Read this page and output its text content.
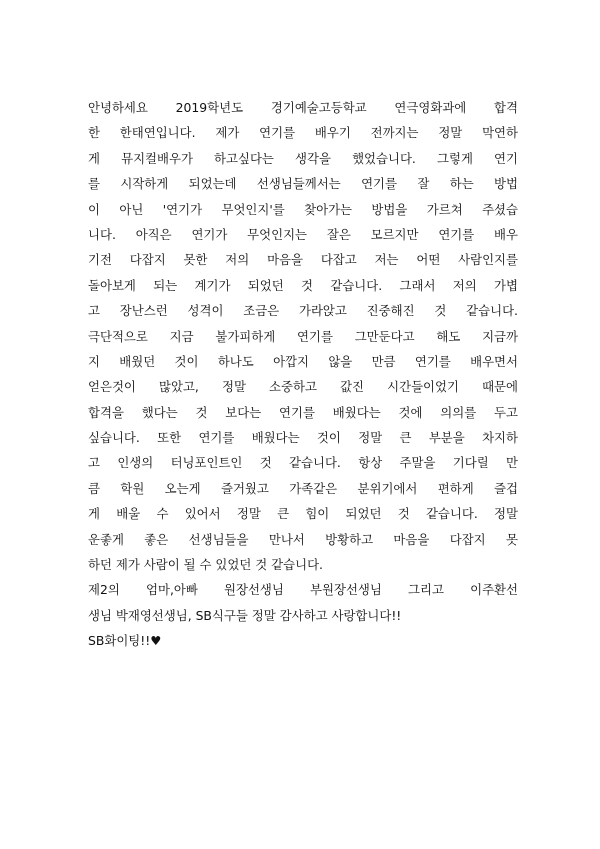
안녕하세요 2019학년도 경기예술고등학교 연극영화과에 합격
한 한태연입니다. 제가 연기를 배우기 전까지는 정말 막연하
게 뮤지컬배우가 하고싶다는 생각을 했었습니다. 그렇게 연기
를 시작하게 되었는데 선생님들께서는 연기를 잘 하는 방법
이 아닌 '연기가 무엇인지'를 찾아가는 방법을 가르쳐 주셨습
니다. 아직은 연기가 무엇인지는 잘은 모르지만 연기를 배우
기전 다잡지 못한 저의 마음을 다잡고 저는 어떤 사람인지를
돌아보게 되는 계기가 되었던 것 같습니다. 그래서 저의 가볍
고 장난스런 성격이 조금은 가라앉고 진중해진 것 같습니다.
극단적으로 지금 불가피하게 연기를 그만둔다고 해도 지금까
지 배웠던 것이 하나도 아깝지 않을 만큼 연기를 배우면서
얻은것이 많았고, 정말 소중하고 값진 시간들이었기 때문에
합격을 했다는 것 보다는 연기를 배웠다는 것에 의의를 두고
싶습니다. 또한 연기를 배웠다는 것이 정말 큰 부분을 차지하
고 인생의 터닝포인트인 것 같습니다. 항상 주말을 기다릴 만
큼 학원 오는게 즐거웠고 가족같은 분위기에서 편하게 즐겁
게 배울 수 있어서 정말 큰 힘이 되었던 것 같습니다. 정말
운좋게 좋은 선생님들을 만나서 방황하고 마음을 다잡지 못
하던 제가 사람이 될 수 있었던 것 같습니다.
제2의 엄마,아빠 원장선생님 부원장선생님 그리고 이주환선
생님 박재영선생님, SB식구들 정말 감사하고 사랑합니다!!
SB화이팅!!♥
